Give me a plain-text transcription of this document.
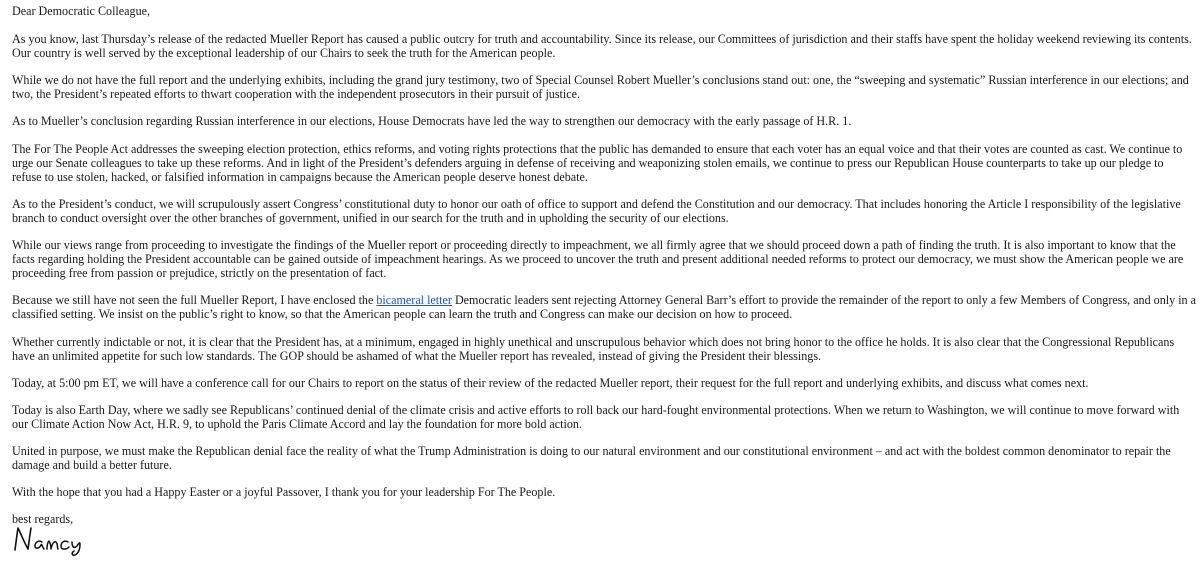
Dear Democratic Colleague,

As you know, last Thursday’s release of the redacted Mueller Report has caused a public outcry for truth and accountability. Since its release, our Committees of jurisdiction and their staffs have spent the holiday weekend reviewing its contents. Our country is well served by the exceptional leadership of our Chairs to seek the truth for the American people.

While we do not have the full report and the underlying exhibits, including the grand jury testimony, two of Special Counsel Robert Mueller’s conclusions stand out: one, the “sweeping and systematic” Russian interference in our elections; and two, the President’s repeated efforts to thwart cooperation with the independent prosecutors in their pursuit of justice.

As to Mueller’s conclusion regarding Russian interference in our elections, House Democrats have led the way to strengthen our democracy with the early passage of H.R. 1.

The For The People Act addresses the sweeping election protection, ethics reforms, and voting rights protections that the public has demanded to ensure that each voter has an equal voice and that their votes are counted as cast. We continue to urge our Senate colleagues to take up these reforms. And in light of the President’s defenders arguing in defense of receiving and weaponizing stolen emails, we continue to press our Republican House counterparts to take up our pledge to refuse to use stolen, hacked, or falsified information in campaigns because the American people deserve honest debate.

As to the President’s conduct, we will scrupulously assert Congress’ constitutional duty to honor our oath of office to support and defend the Constitution and our democracy. That includes honoring the Article I responsibility of the legislative branch to conduct oversight over the other branches of government, unified in our search for the truth and in upholding the security of our elections.

While our views range from proceeding to investigate the findings of the Mueller report or proceeding directly to impeachment, we all firmly agree that we should proceed down a path of finding the truth. It is also important to know that the facts regarding holding the President accountable can be gained outside of impeachment hearings. As we proceed to uncover the truth and present additional needed reforms to protect our democracy, we must show the American people we are proceeding free from passion or prejudice, strictly on the presentation of fact.

Because we still have not seen the full Mueller Report, I have enclosed the bicameral letter Democratic leaders sent rejecting Attorney General Barr’s effort to provide the remainder of the report to only a few Members of Congress, and only in a classified setting. We insist on the public’s right to know, so that the American people can learn the truth and Congress can make our decision on how to proceed.

Whether currently indictable or not, it is clear that the President has, at a minimum, engaged in highly unethical and unscrupulous behavior which does not bring honor to the office he holds. It is also clear that the Congressional Republicans have an unlimited appetite for such low standards. The GOP should be ashamed of what the Mueller report has revealed, instead of giving the President their blessings.

Today, at 5:00 pm ET, we will have a conference call for our Chairs to report on the status of their review of the redacted Mueller report, their request for the full report and underlying exhibits, and discuss what comes next.

Today is also Earth Day, where we sadly see Republicans’ continued denial of the climate crisis and active efforts to roll back our hard-fought environmental protections. When we return to Washington, we will continue to move forward with our Climate Action Now Act, H.R. 9, to uphold the Paris Climate Accord and lay the foundation for more bold action.

United in purpose, we must make the Republican denial face the reality of what the Trump Administration is doing to our natural environment and our constitutional environment – and act with the boldest common denominator to repair the damage and build a better future.

With the hope that you had a Happy Easter or a joyful Passover, I thank you for your leadership For The People.

best regards,
